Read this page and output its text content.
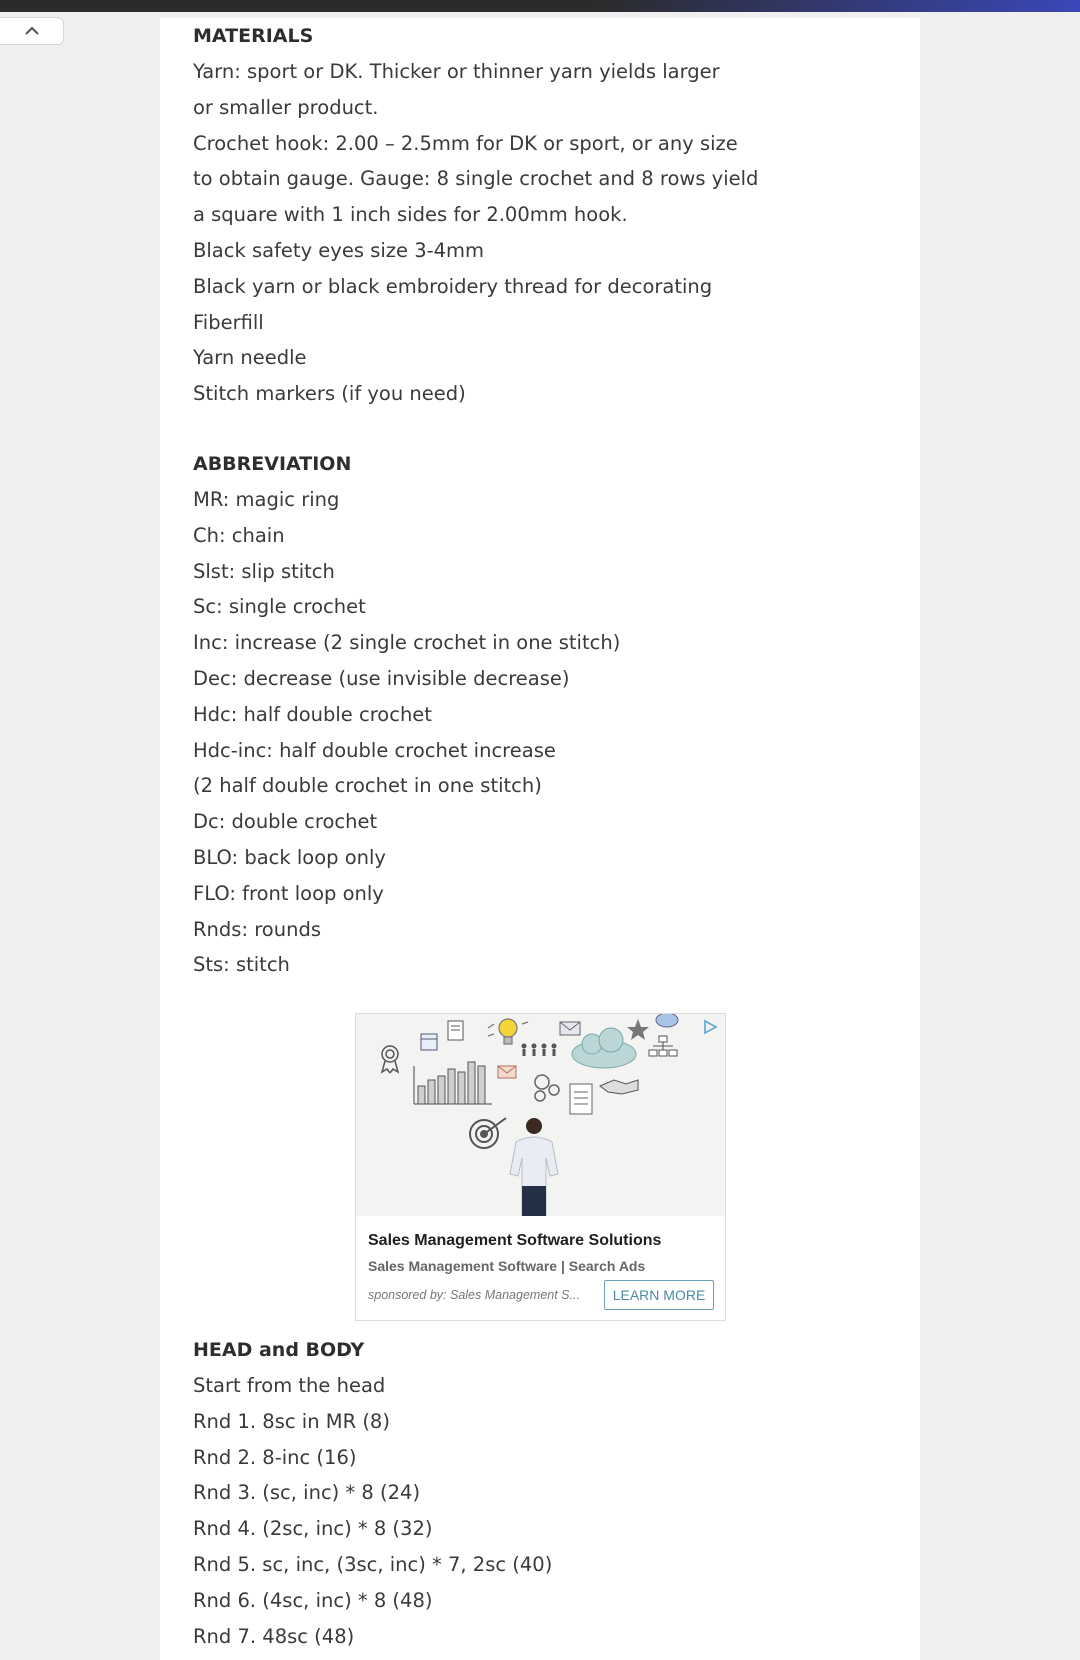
MATERIALS
Yarn: sport or DK. Thicker or thinner yarn yields larger
or smaller product.
Crochet hook: 2.00 – 2.5mm for DK or sport, or any size
to obtain gauge. Gauge: 8 single crochet and 8 rows yield
a square with 1 inch sides for 2.00mm hook.
Black safety eyes size 3-4mm
Black yarn or black embroidery thread for decorating
Fiberfill
Yarn needle
Stitch markers (if you need)
ABBREVIATION
MR: magic ring
Ch: chain
Slst: slip stitch
Sc: single crochet
Inc: increase (2 single crochet in one stitch)
Dec: decrease (use invisible decrease)
Hdc: half double crochet
Hdc-inc: half double crochet increase
(2 half double crochet in one stitch)
Dc: double crochet
BLO: back loop only
FLO: front loop only
Rnds: rounds
Sts: stitch
Sales Management Software Solutions
Sales Management Software | Search Ads
sponsored by: Sales Management S...	LEARN MORE
HEAD and BODY
Start from the head
Rnd 1. 8sc in MR (8)
Rnd 2. 8-inc (16)
Rnd 3. (sc, inc) * 8 (24)
Rnd 4. (2sc, inc) * 8 (32)
Rnd 5. sc, inc, (3sc, inc) * 7, 2sc (40)
Rnd 6. (4sc, inc) * 8 (48)
Rnd 7. 48sc (48)
